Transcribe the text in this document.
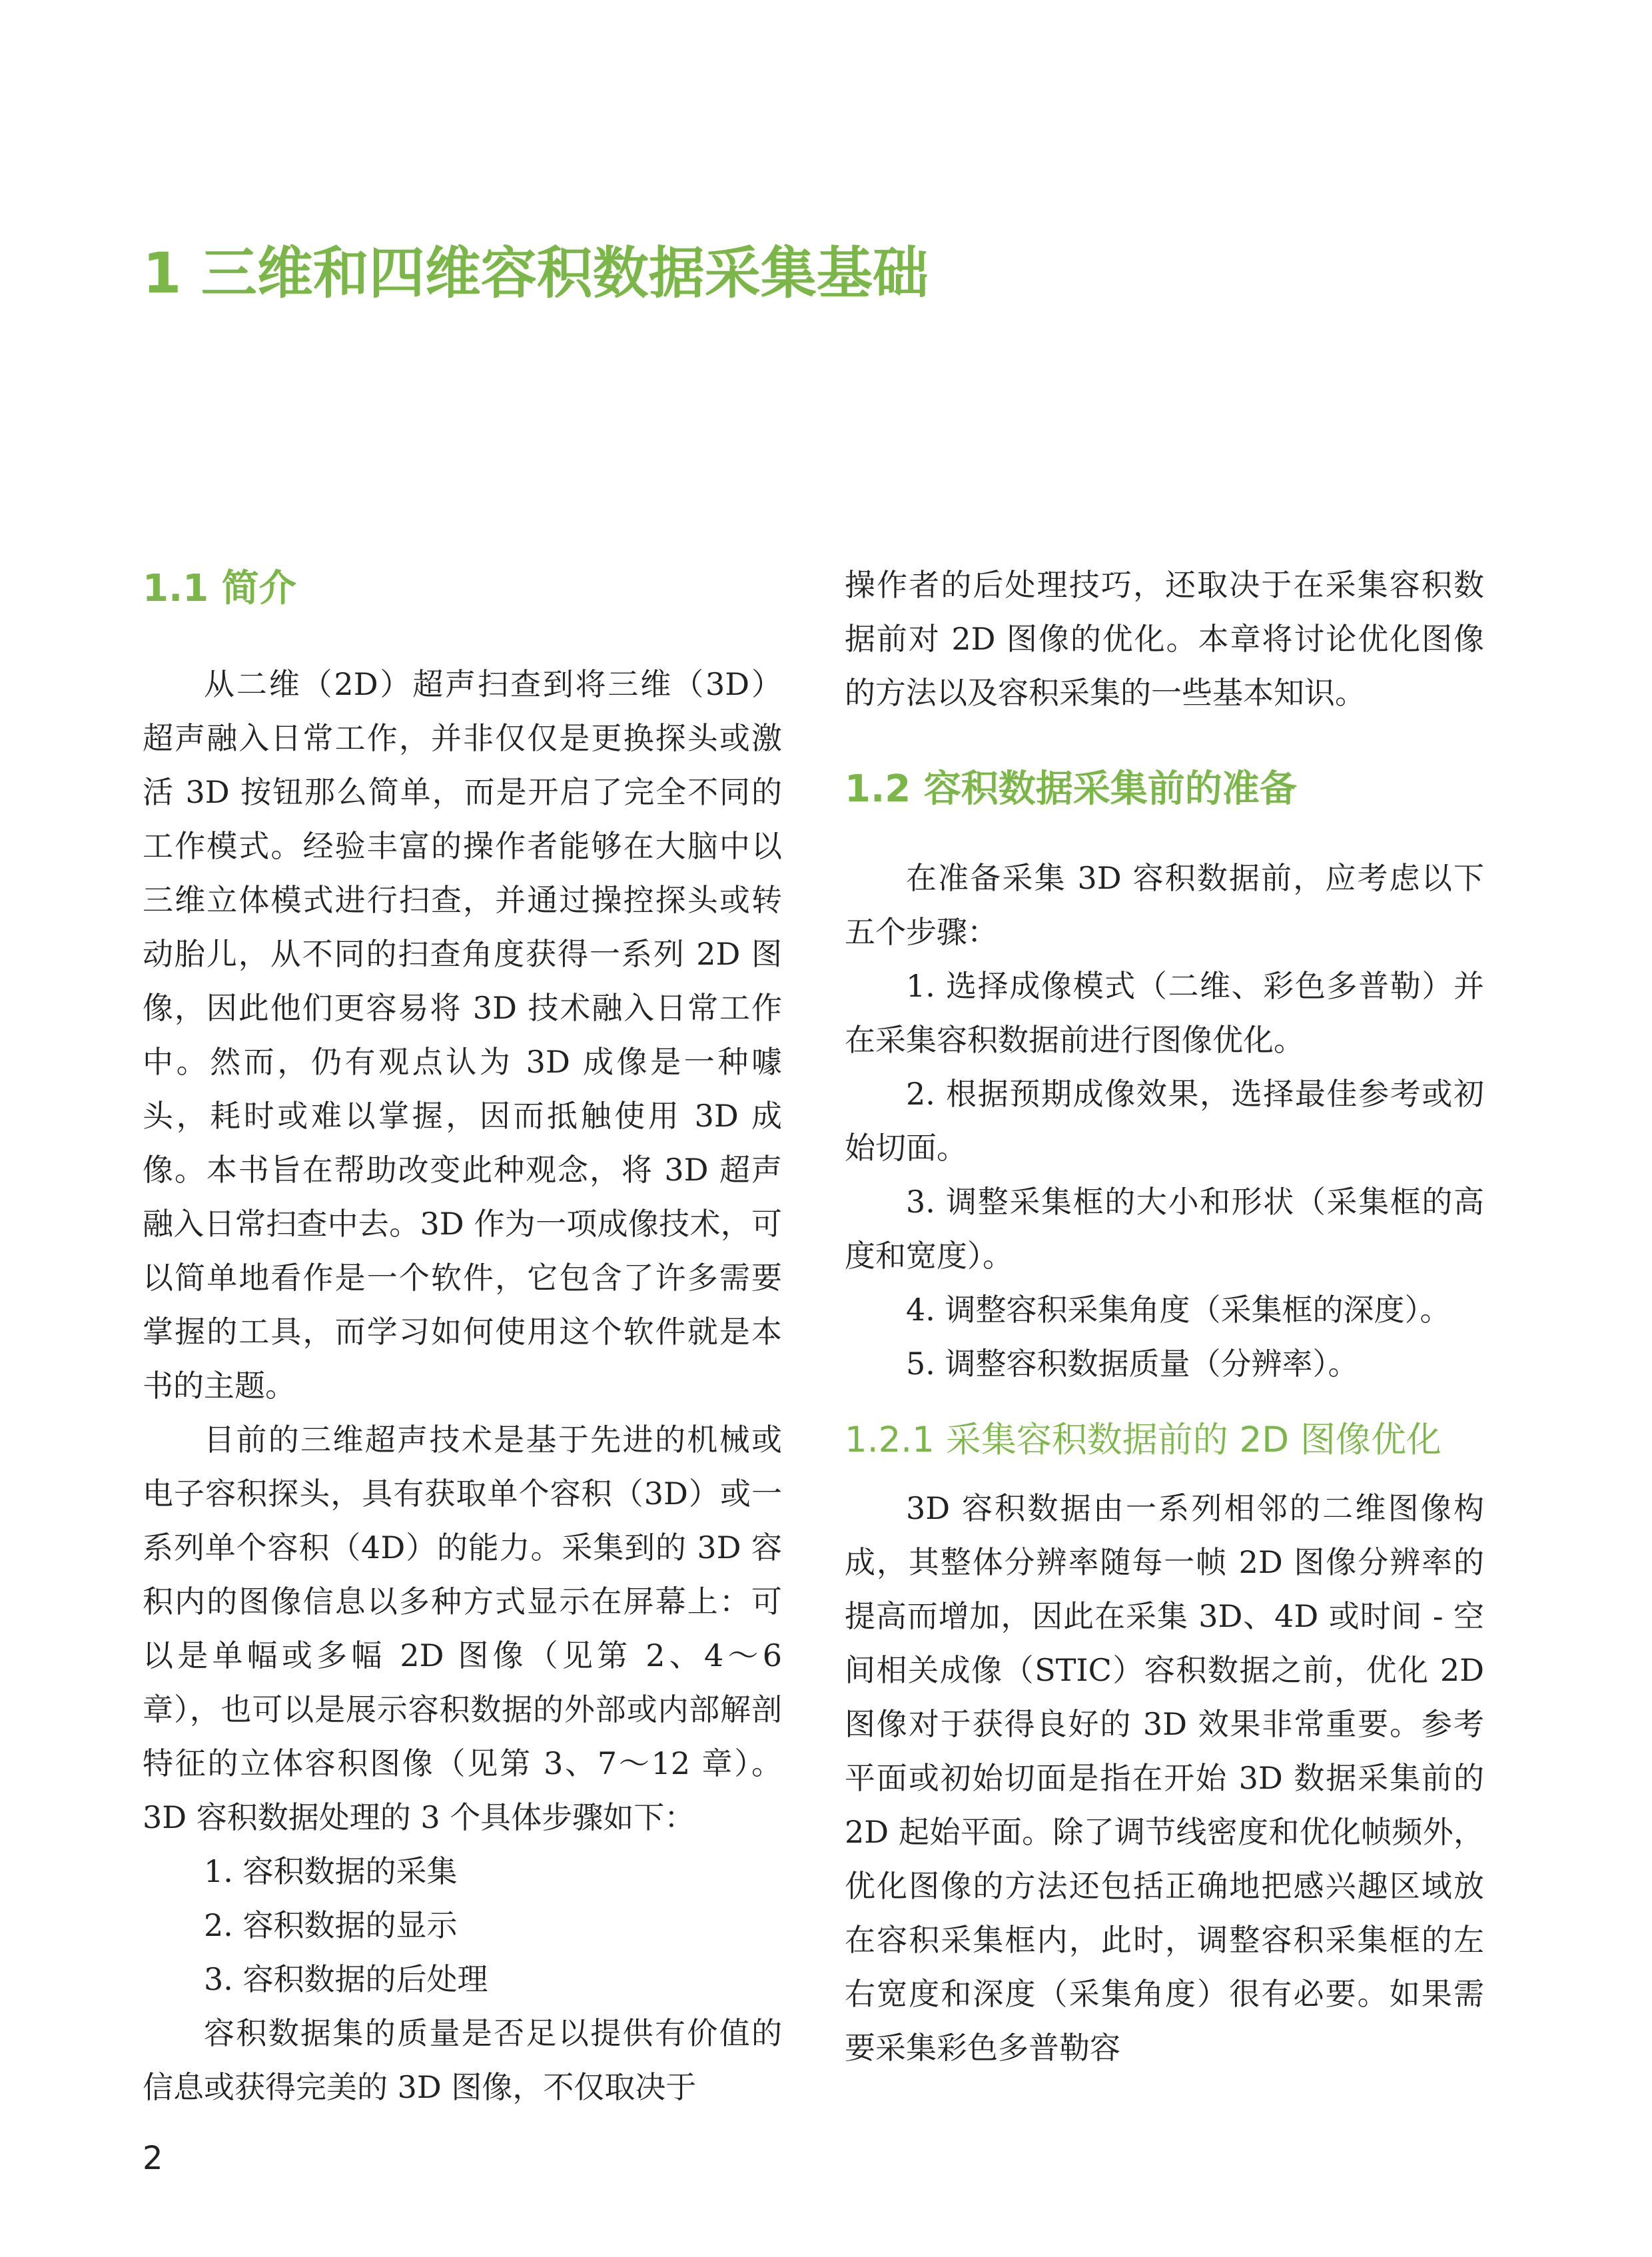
1 三维和四维容积数据采集基础
1.1 简介

从二维（2D）超声扫查到将三维（3D）超声融入日常工作，并非仅仅是更换探头或激活 3D 按钮那么简单，而是开启了完全不同的工作模式。经验丰富的操作者能够在大脑中以三维立体模式进行扫查，并通过操控探头或转动胎儿，从不同的扫查角度获得一系列 2D 图像，因此他们更容易将 3D 技术融入日常工作中。然而，仍有观点认为 3D 成像是一种噱头，耗时或难以掌握，因而抵触使用 3D 成像。本书旨在帮助改变此种观念，将 3D 超声融入日常扫查中去。3D 作为一项成像技术，可以简单地看作是一个软件，它包含了许多需要掌握的工具，而学习如何使用这个软件就是本书的主题。

目前的三维超声技术是基于先进的机械或电子容积探头，具有获取单个容积（3D）或一系列单个容积（4D）的能力。采集到的 3D 容积内的图像信息以多种方式显示在屏幕上：可以是单幅或多幅 2D 图像（见第 2、4～6 章），也可以是展示容积数据的外部或内部解剖特征的立体容积图像（见第 3、7～12 章）。3D 容积数据处理的 3 个具体步骤如下：

1. 容积数据的采集

2. 容积数据的显示

3. 容积数据的后处理

容积数据集的质量是否足以提供有价值的信息或获得完美的 3D 图像，不仅取决于

操作者的后处理技巧，还取决于在采集容积数据前对 2D 图像的优化。本章将讨论优化图像的方法以及容积采集的一些基本知识。

1.2 容积数据采集前的准备

在准备采集 3D 容积数据前，应考虑以下五个步骤：

1. 选择成像模式（二维、彩色多普勒）并在采集容积数据前进行图像优化。

2. 根据预期成像效果，选择最佳参考或初始切面。

3. 调整采集框的大小和形状（采集框的高度和宽度）。

4. 调整容积采集角度（采集框的深度）。

5. 调整容积数据质量（分辨率）。

1.2.1 采集容积数据前的 2D 图像优化

3D 容积数据由一系列相邻的二维图像构成，其整体分辨率随每一帧 2D 图像分辨率的提高而增加，因此在采集 3D、4D 或时间 - 空间相关成像（STIC）容积数据之前，优化 2D 图像对于获得良好的 3D 效果非常重要。参考平面或初始切面是指在开始 3D 数据采集前的 2D 起始平面。除了调节线密度和优化帧频外，优化图像的方法还包括正确地把感兴趣区域放在容积采集框内，此时，调整容积采集框的左右宽度和深度（采集角度）很有必要。如果需要采集彩色多普勒容

2
